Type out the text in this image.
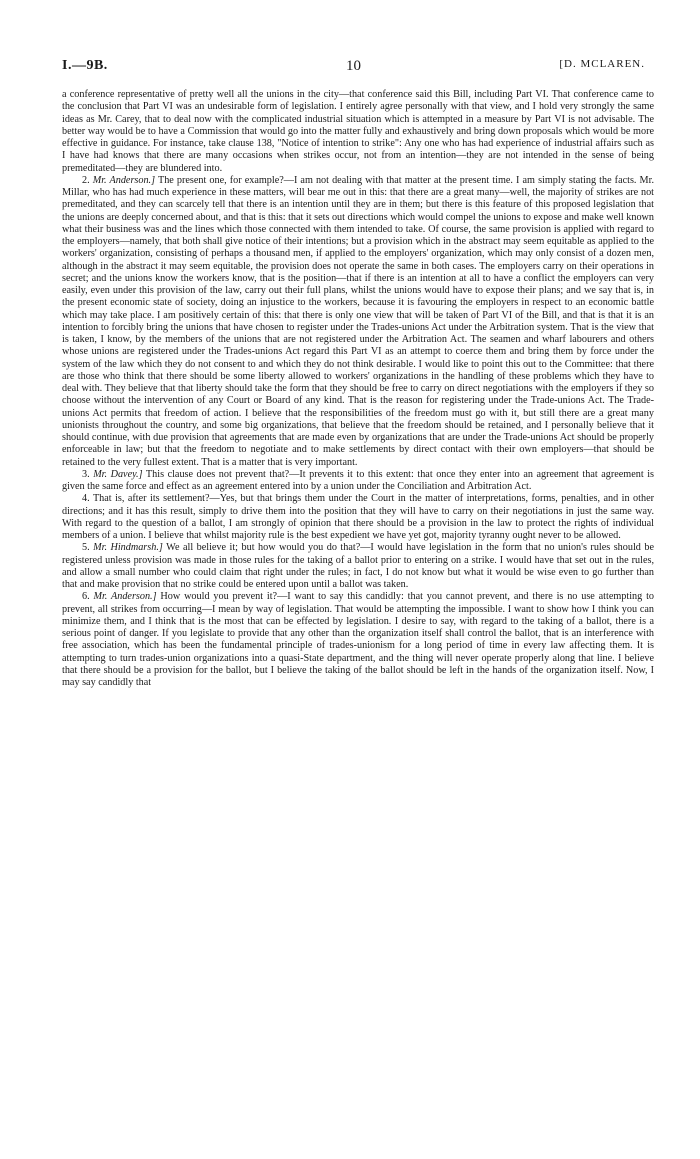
I.—9B.	10	[D. MCLAREN.

a conference representative of pretty well all the unions in the city—that conference said this Bill, including Part VI. That conference came to the conclusion that Part VI was an undesirable form of legislation. I entirely agree personally with that view, and I hold very strongly the same ideas as Mr. Carey, that to deal now with the complicated industrial situation which is attempted in a measure by Part VI is not advisable. The better way would be to have a Commission that would go into the matter fully and exhaustively and bring down proposals which would be more effective in guidance. For instance, take clause 138, "Notice of intention to strike": Any one who has had experience of industrial affairs such as I have had knows that there are many occasions when strikes occur, not from an intention—they are not intended in the sense of being premeditated—they are blundered into.

2. Mr. Anderson.] The present one, for example?—I am not dealing with that matter at the present time. I am simply stating the facts. Mr. Millar, who has had much experience in these matters, will bear me out in this: that there are a great many—well, the majority of strikes are not premeditated, and they can scarcely tell that there is an intention until they are in them; but there is this feature of this proposed legislation that the unions are deeply concerned about, and that is this: that it sets out directions which would compel the unions to expose and make well known what their business was and the lines which those connected with them intended to take. Of course, the same provision is applied with regard to the employers—namely, that both shall give notice of their intentions; but a provision which in the abstract may seem equitable as applied to the workers' organization, consisting of perhaps a thousand men, if applied to the employers' organization, which may only consist of a dozen men, although in the abstract it may seem equitable, the provision does not operate the same in both cases. The employers carry on their operations in secret; and the unions know the workers know, that is the position—that if there is an intention at all to have a conflict the employers can very easily, even under this provision of the law, carry out their full plans, whilst the unions would have to expose their plans; and we say that is, in the present economic state of society, doing an injustice to the workers, because it is favouring the employers in respect to an economic battle which may take place. I am positively certain of this: that there is only one view that will be taken of Part VI of the Bill, and that is that it is an intention to forcibly bring the unions that have chosen to register under the Trades-unions Act under the Arbitration system. That is the view that is taken, I know, by the members of the unions that are not registered under the Arbitration Act. The seamen and wharf labourers and others whose unions are registered under the Trades-unions Act regard this Part VI as an attempt to coerce them and bring them by force under the system of the law which they do not consent to and which they do not think desirable. I would like to point this out to the Committee: that there are those who think that there should be some liberty allowed to workers' organizations in the handling of these problems which they have to deal with. They believe that that liberty should take the form that they should be free to carry on direct negotiations with the employers if they so choose without the intervention of any Court or Board of any kind. That is the reason for registering under the Trade-unions Act. The Trade-unions Act permits that freedom of action. I believe that the responsibilities of the freedom must go with it, but still there are a great many unionists throughout the country, and some big organizations, that believe that the freedom should be retained, and I personally believe that it should continue, with due provision that agreements that are made even by organizations that are under the Trade-unions Act should be properly enforceable in law; but that the freedom to negotiate and to make settlements by direct contact with their own employers—that should be retained to the very fullest extent. That is a matter that is very important.

3. Mr. Davey.] This clause does not prevent that?—It prevents it to this extent: that once they enter into an agreement that agreement is given the same force and effect as an agreement entered into by a union under the Conciliation and Arbitration Act.

4. That is, after its settlement?—Yes, but that brings them under the Court in the matter of interpretations, forms, penalties, and in other directions; and it has this result, simply to drive them into the position that they will have to carry on their negotiations in just the same way. With regard to the question of a ballot, I am strongly of opinion that there should be a provision in the law to protect the rights of individual members of a union. I believe that whilst majority rule is the best expedient we have yet got, majority tyranny ought never to be allowed.

5. Mr. Hindmarsh.] We all believe it; but how would you do that?—I would have legislation in the form that no union's rules should be registered unless provision was made in those rules for the taking of a ballot prior to entering on a strike. I would have that set out in the rules, and allow a small number who could claim that right under the rules; in fact, I do not know but what it would be wise even to go further than that and make provision that no strike could be entered upon until a ballot was taken.

6. Mr. Anderson.] How would you prevent it?—I want to say this candidly: that you cannot prevent, and there is no use attempting to prevent, all strikes from occurring—I mean by way of legislation. That would be attempting the impossible. I want to show how I think you can minimize them, and I think that is the most that can be effected by legislation. I desire to say, with regard to the taking of a ballot, there is a serious point of danger. If you legislate to provide that any other than the organization itself shall control the ballot, that is an interference with free association, which has been the fundamental principle of trades-unionism for a long period of time in every law affecting them. It is attempting to turn trades-union organizations into a quasi-State department, and the thing will never operate properly along that line. I believe that there should be a provision for the ballot, but I believe the taking of the ballot should be left in the hands of the organization itself. Now, I may say candidly that
